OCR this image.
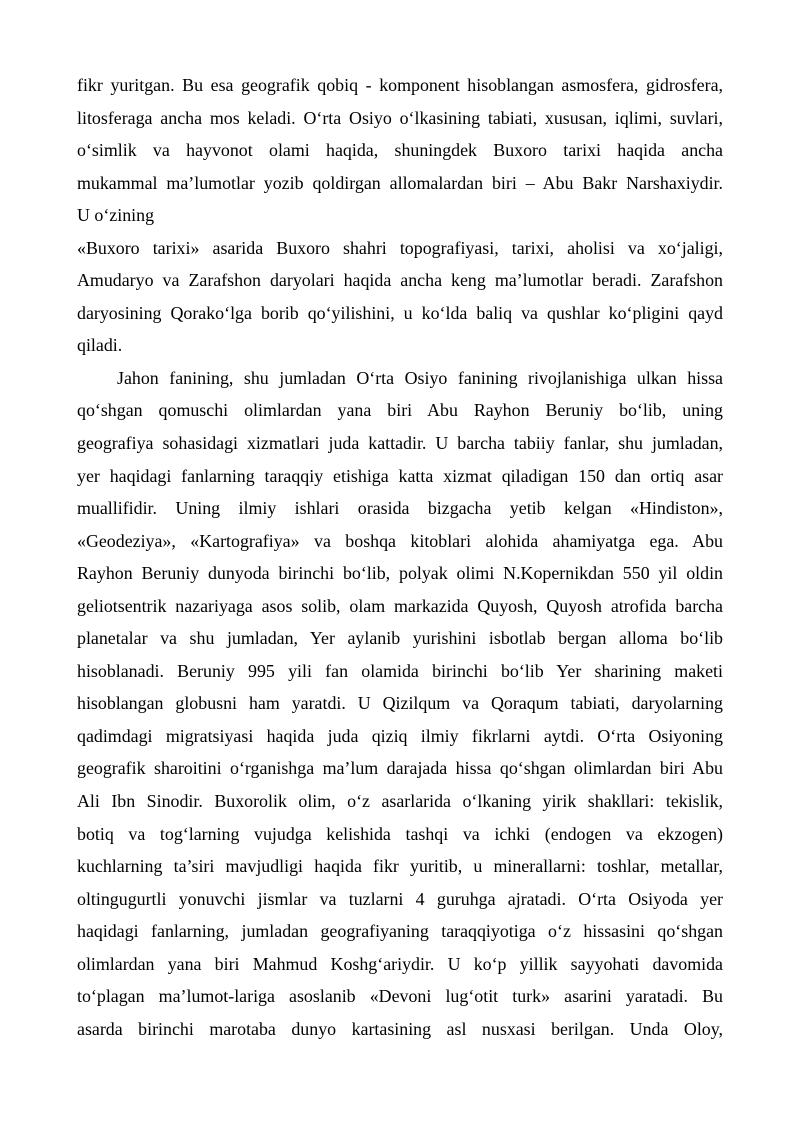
fikr yuritgan. Bu esa geografik qobiq - komponent hisoblangan asmosfera, gidrosfera,
litosferaga ancha mos keladi. O‘rta Osiyo o‘lkasining tabiati, xususan, iqlimi, suvlari,
o‘simlik va hayvonot olami haqida, shuningdek Buxoro tarixi haqida ancha
mukammal ma’lumotlar yozib qoldirgan allomalardan biri – Abu Bakr Narshaxiydir.
U o‘zining
«Buxoro tarixi» asarida Buxoro shahri topografiyasi, tarixi, aholisi va xo‘jaligi,
Amudaryo va Zarafshon daryolari haqida ancha keng ma’lumotlar beradi. Zarafshon
daryosining Qorako‘lga borib qo‘yilishini, u ko‘lda baliq va qushlar ko‘pligini qayd
qiladi.
Jahon fanining, shu jumladan O‘rta Osiyo fanining rivojlanishiga ulkan hissa
qo‘shgan qomuschi olimlardan yana biri Abu Rayhon Beruniy bo‘lib, uning
geografiya sohasidagi xizmatlari juda kattadir. U barcha tabiiy fanlar, shu jumladan,
yer haqidagi fanlarning taraqqiy etishiga katta xizmat qiladigan 150 dan ortiq asar
muallifidir. Uning ilmiy ishlari orasida bizgacha yetib kelgan «Hindiston»,
«Geodeziya», «Kartografiya» va boshqa kitoblari alohida ahamiyatga ega. Abu
Rayhon Beruniy dunyoda birinchi bo‘lib, polyak olimi N.Kopernikdan 550 yil oldin
geliotsentrik nazariyaga asos solib, olam markazida Quyosh, Quyosh atrofida barcha
planetalar va shu jumladan, Yer aylanib yurishini isbotlab bergan alloma bo‘lib
hisoblanadi. Beruniy 995 yili fan olamida birinchi bo‘lib Yer sharining maketi
hisoblangan globusni ham yaratdi. U Qizilqum va Qoraqum tabiati, daryolarning
qadimdagi migratsiyasi haqida juda qiziq ilmiy fikrlarni aytdi. O‘rta Osiyoning
geografik sharoitini o‘rganishga ma’lum darajada hissa qo‘shgan olimlardan biri Abu
Ali Ibn Sinodir. Buxorolik olim, o‘z asarlarida o‘lkaning yirik shakllari: tekislik,
botiq va tog‘larning vujudga kelishida tashqi va ichki (endogen va ekzogen)
kuchlarning ta’siri mavjudligi haqida fikr yuritib, u minerallarni: toshlar, metallar,
oltingugurtli yonuvchi jismlar va tuzlarni 4 guruhga ajratadi. O‘rta Osiyoda yer
haqidagi fanlarning, jumladan geografiyaning taraqqiyotiga o‘z hissasini qo‘shgan
olimlardan yana biri Mahmud Koshg‘ariydir. U ko‘p yillik sayyohati davomida
to‘plagan ma’lumot-lariga asoslanib «Devoni lug‘otit turk» asarini yaratadi. Bu
asarda birinchi marotaba dunyo kartasining asl nusxasi berilgan. Unda Oloy,
